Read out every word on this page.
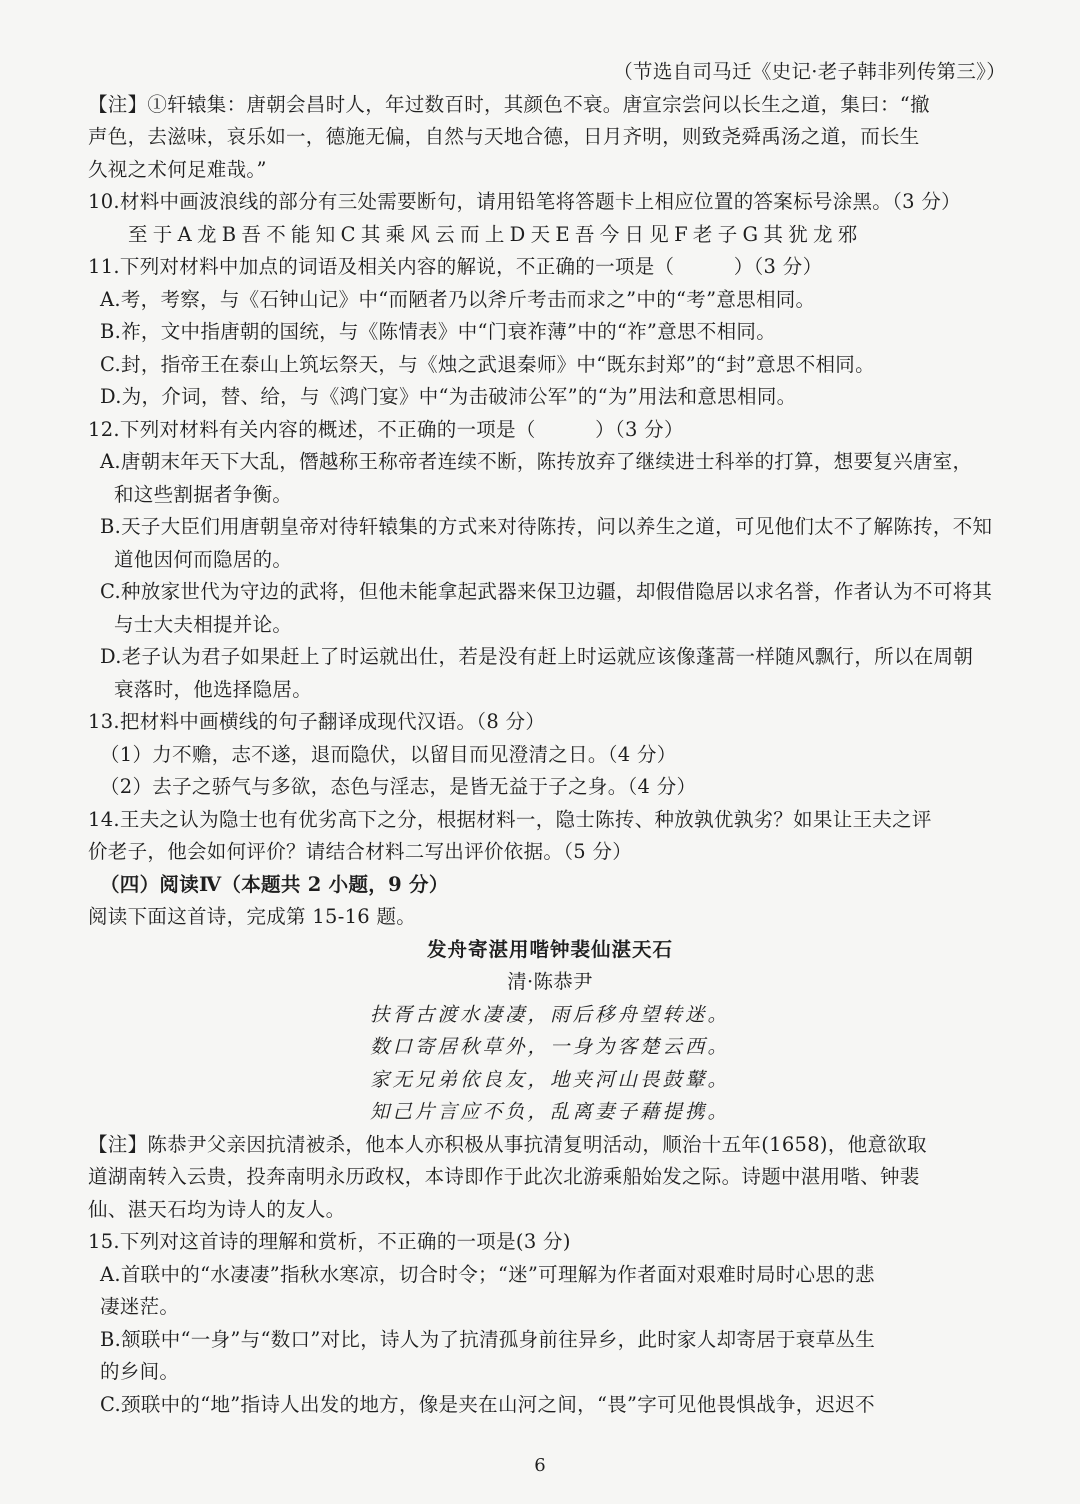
（节选自司马迁《史记·老子韩非列传第三》）
【注】①轩辕集：唐朝会昌时人，年过数百时，其颜色不衰。唐宣宗尝问以长生之道，集曰：“撤
声色，去滋味，哀乐如一，德施无偏，自然与天地合德，日月齐明，则致尧舜禹汤之道，而长生
久视之术何足难哉。”
10.材料中画波浪线的部分有三处需要断句，请用铅笔将答题卡上相应位置的答案标号涂黑。（3 分）
至于A龙B吾不能知C其乘风云而上D天E吾今日见F老子G其犹龙邪
11.下列对材料中加点的词语及相关内容的解说，不正确的一项是（　　　）（3 分）
A.考，考察，与《石钟山记》中“而陋者乃以斧斤考击而求之”中的“考”意思相同。
B.祚，文中指唐朝的国统，与《陈情表》中“门衰祚薄”中的“祚”意思不相同。
C.封，指帝王在泰山上筑坛祭天，与《烛之武退秦师》中“既东封郑”的“封”意思不相同。
D.为，介词，替、给，与《鸿门宴》中“为击破沛公军”的“为”用法和意思相同。
12.下列对材料有关内容的概述，不正确的一项是（　　　）（3 分）
A.唐朝末年天下大乱，僭越称王称帝者连续不断，陈抟放弃了继续进士科举的打算，想要复兴唐室，
和这些割据者争衡。
B.天子大臣们用唐朝皇帝对待轩辕集的方式来对待陈抟，问以养生之道，可见他们太不了解陈抟，不知
道他因何而隐居的。
C.种放家世代为守边的武将，但他未能拿起武器来保卫边疆，却假借隐居以求名誉，作者认为不可将其
与士大夫相提并论。
D.老子认为君子如果赶上了时运就出仕，若是没有赶上时运就应该像蓬蒿一样随风飘行，所以在周朝
衰落时，他选择隐居。
13.把材料中画横线的句子翻译成现代汉语。（8 分）
（1）力不赡，志不遂，退而隐伏，以留目而见澄清之日。（4 分）
（2）去子之骄气与多欲，态色与淫志，是皆无益于子之身。（4 分）
14.王夫之认为隐士也有优劣高下之分，根据材料一，隐士陈抟、种放孰优孰劣？如果让王夫之评
价老子，他会如何评价？请结合材料二写出评价依据。（5 分）
（四）阅读Ⅳ（本题共 2 小题，9 分）
阅读下面这首诗，完成第 15-16 题。
发舟寄湛用喈钟裴仙湛天石
清·陈恭尹
扶胥古渡水凄凄，雨后移舟望转迷。
数口寄居秋草外，一身为客楚云西。
家无兄弟依良友，地夹河山畏鼓鼙。
知己片言应不负，乱离妻子藉提携。
【注】陈恭尹父亲因抗清被杀，他本人亦积极从事抗清复明活动，顺治十五年(1658)，他意欲取
道湖南转入云贵，投奔南明永历政权，本诗即作于此次北游乘船始发之际。诗题中湛用喈、钟裴
仙、湛天石均为诗人的友人。
15.下列对这首诗的理解和赏析，不正确的一项是(3 分)
A.首联中的“水凄凄”指秋水寒凉，切合时令；“迷”可理解为作者面对艰难时局时心思的悲
凄迷茫。
B.颔联中“一身”与“数口”对比，诗人为了抗清孤身前往异乡，此时家人却寄居于衰草丛生
的乡间。
C.颈联中的“地”指诗人出发的地方，像是夹在山河之间，“畏”字可见他畏惧战争，迟迟不
6
